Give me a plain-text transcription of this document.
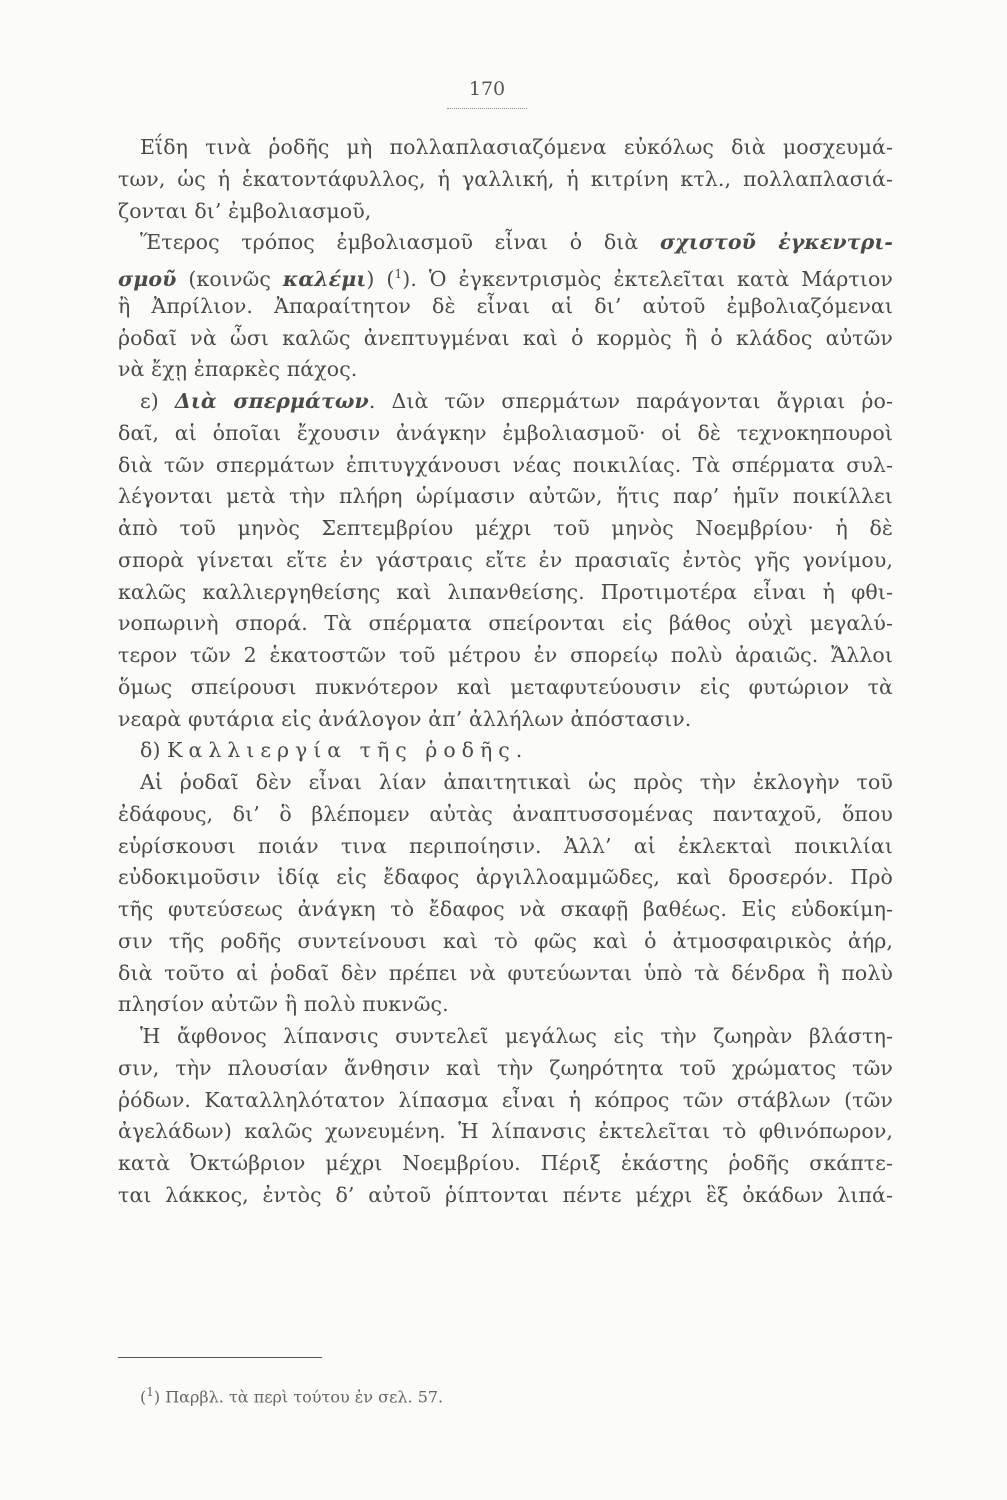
170
Εΐδη τινὰ ῥοδῆς μὴ πολλαπλασιαζόμενα εὐκόλως διὰ μοσχευμά-
των, ὡς ἡ ἑκατοντάφυλλος, ἡ γαλλική, ἡ κιτρίνη κτλ., πολλαπλασιά-
ζονται δι’ ἐμβολιασμοῦ,
Ἕτερος τρόπος ἐμβολιασμοῦ εἶναι ὁ διὰ σχιστοῦ ἐγκεντρι-
σμοῦ (κοινῶς καλέμι) ($^1$). Ὁ ἐγκεντρισμὸς ἐκτελεῖται κατὰ Μάρτιον
ἢ Ἀπρίλιον. Ἀπαραίτητον δὲ εἶναι αἱ δι’ αὐτοῦ ἐμβολιαζόμεναι
ῥοδαῖ νὰ ὦσι καλῶς ἀνεπτυγμέναι καὶ ὁ κορμὸς ἢ ὁ κλάδος αὐτῶν
νὰ ἔχῃ ἐπαρκὲς πάχος.
ε) Διὰ σπερμάτων. Διὰ τῶν σπερμάτων παράγονται ἄγριαι ῥο-
δαῖ, αἱ ὁποῖαι ἔχουσιν ἀνάγκην ἐμβολιασμοῦ· οἱ δὲ τεχνοκηπουροὶ
διὰ τῶν σπερμάτων ἐπιτυγχάνουσι νέας ποικιλίας. Τὰ σπέρματα συλ-
λέγονται μετὰ τὴν πλήρη ὡρίμασιν αὐτῶν, ἥτις παρ’ ἡμῖν ποικίλλει
ἀπὸ τοῦ μηνὸς Σεπτεμβρίου μέχρι τοῦ μηνὸς Νοεμβρίου· ἡ δὲ
σπορὰ γίνεται εἴτε ἐν γάστραις εἴτε ἐν πρασιαῖς ἐντὸς γῆς γονίμου,
καλῶς καλλιεργηθείσης καὶ λιπανθείσης. Προτιμοτέρα εἶναι ἡ φθι-
νοπωρινὴ σπορά. Τὰ σπέρματα σπείρονται εἰς βάθος οὐχὶ μεγαλύ-
τερον τῶν 2 ἑκατοστῶν τοῦ μέτρου ἐν σπορείῳ πολὺ ἀραιῶς. Ἄλλοι
ὅμως σπείρουσι πυκνότερον καὶ μεταφυτεύουσιν εἰς φυτώριον τὰ
νεαρὰ φυτάρια εἰς ἀνάλογον ἀπ’ ἀλλήλων ἀπόστασιν.
δ) Καλλιεργία τῆς ῥοδῆς.
Αἱ ῥοδαῖ δὲν εἶναι λίαν ἀπαιτητικαὶ ὡς πρὸς τὴν ἐκλογὴν τοῦ
ἐδάφους, δι’ ὃ βλέπομεν αὐτὰς ἀναπτυσσομένας πανταχοῦ, ὅπου
εὑρίσκουσι ποιάν τινα περιποίησιν. Ἀλλ’ αἱ ἐκλεκταὶ ποικιλίαι
εὐδοκιμοῦσιν ἰδίᾳ εἰς ἔδαφος ἀργιλλοαμμῶδες, καὶ δροσερόν. Πρὸ
τῆς φυτεύσεως ἀνάγκη τὸ ἔδαφος νὰ σκαφῇ βαθέως. Εἰς εὐδοκίμη-
σιν τῆς ροδῆς συντείνουσι καὶ τὸ φῶς καὶ ὁ ἀτμοσφαιρικὸς ἀήρ,
διὰ τοῦτο αἱ ῥοδαῖ δὲν πρέπει νὰ φυτεύωνται ὑπὸ τὰ δένδρα ἢ πολὺ
πλησίον αὐτῶν ἢ πολὺ πυκνῶς.
Ἡ ἄφθονος λίπανσις συντελεῖ μεγάλως εἰς τὴν ζωηρὰν βλάστη-
σιν, τὴν πλουσίαν ἄνθησιν καὶ τὴν ζωηρότητα τοῦ χρώματος τῶν
ῥόδων. Καταλληλότατον λίπασμα εἶναι ἡ κόπρος τῶν στάβλων (τῶν
ἀγελάδων) καλῶς χωνευμένη. Ἡ λίπανσις ἐκτελεῖται τὸ φθινόπωρον,
κατὰ Ὀκτώβριον μέχρι Νοεμβρίου. Πέριξ ἑκάστης ῥοδῆς σκάπτε-
ται λάκκος, ἐντὸς δ’ αὐτοῦ ῥίπτονται πέντε μέχρι ἓξ ὀκάδων λιπά-
($^1$) Παρβλ. τὰ περὶ τούτου ἐν σελ. 57.
